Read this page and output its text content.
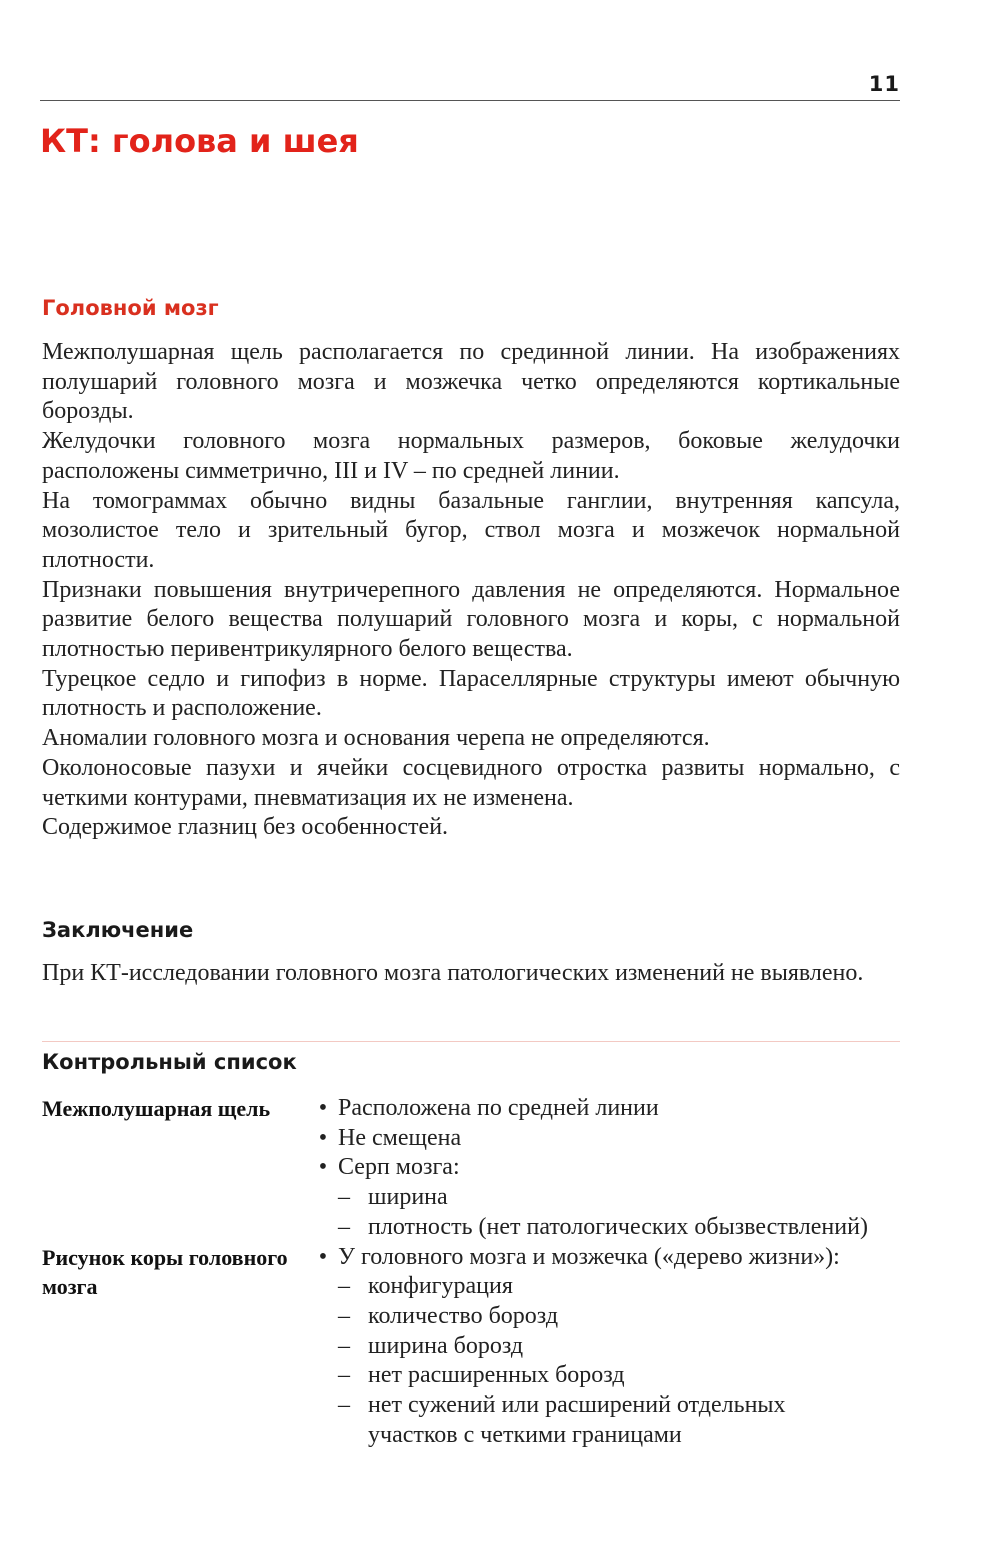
11
КТ: голова и шея
Головной мозг

Межполушарная щель располагается по срединной линии. На изображениях полушарий головного мозга и мозжечка четко определяются кортикальные борозды.

Желудочки головного мозга нормальных размеров, боковые желудочки расположены симметрично, III и IV – по средней линии.

На томограммах обычно видны базальные ганглии, внутренняя капсула, мозолистое тело и зрительный бугор, ствол мозга и мозжечок нормальной плотности.

Признаки повышения внутричерепного давления не определяются. Нормальное развитие белого вещества полушарий головного мозга и коры, с нормальной плотностью перивентрикулярного белого вещества.

Турецкое седло и гипофиз в норме. Параселлярные структуры имеют обычную плотность и расположение.

Аномалии головного мозга и основания черепа не определяются.

Околоносовые пазухи и ячейки сосцевидного отростка развиты нормально, с четкими контурами, пневматизация их не изменена.

Содержимое глазниц без особенностей.

Заключение

При КТ-исследовании головного мозга патологических изменений не выявлено.

Контрольный список
Межполушарная щель	• Расположена по средней линии
• Не смещена
• Серп мозга:
– ширина
– плотность (нет патологических обызвествлений)
Рисунок коры головного мозга
• У головного мозга и мозжечка («дерево жизни»):
– конфигурация
– количество борозд
– ширина борозд
– нет расширенных борозд
– нет сужений или расширений отдельных участков с четкими границами
